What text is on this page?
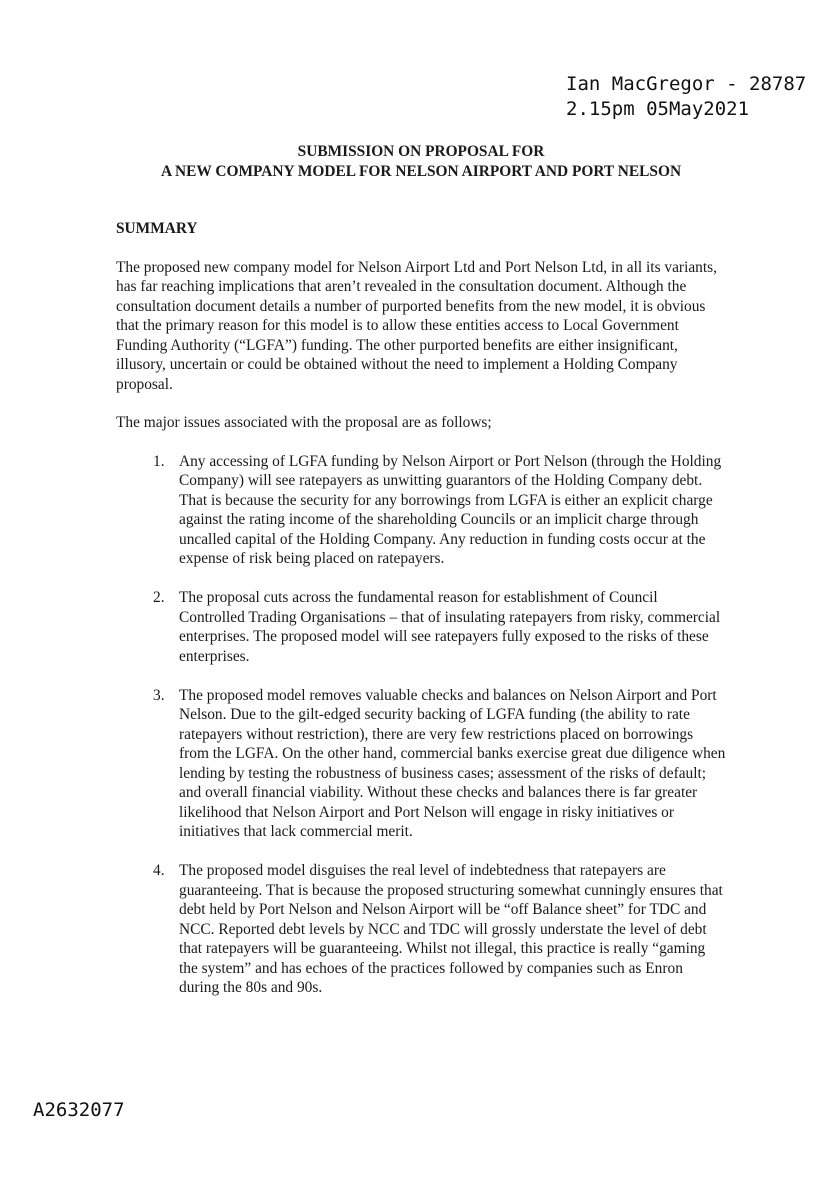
Ian MacGregor - 28787
2.15pm 05May2021
SUBMISSION ON PROPOSAL FOR
A NEW COMPANY MODEL FOR NELSON AIRPORT AND PORT NELSON
SUMMARY
The proposed new company model for Nelson Airport Ltd and Port Nelson Ltd, in all its variants, has far reaching implications that aren’t revealed in the consultation document. Although the consultation document details a number of purported benefits from the new model, it is obvious that the primary reason for this model is to allow these entities access to Local Government Funding Authority (“LGFA”) funding. The other purported benefits are either insignificant, illusory, uncertain or could be obtained without the need to implement a Holding Company proposal.
The major issues associated with the proposal are as follows;
1. Any accessing of LGFA funding by Nelson Airport or Port Nelson (through the Holding Company) will see ratepayers as unwitting guarantors of the Holding Company debt. That is because the security for any borrowings from LGFA is either an explicit charge against the rating income of the shareholding Councils or an implicit charge through uncalled capital of the Holding Company. Any reduction in funding costs occur at the expense of risk being placed on ratepayers.
2. The proposal cuts across the fundamental reason for establishment of Council Controlled Trading Organisations – that of insulating ratepayers from risky, commercial enterprises. The proposed model will see ratepayers fully exposed to the risks of these enterprises.
3. The proposed model removes valuable checks and balances on Nelson Airport and Port Nelson. Due to the gilt-edged security backing of LGFA funding (the ability to rate ratepayers without restriction), there are very few restrictions placed on borrowings from the LGFA. On the other hand, commercial banks exercise great due diligence when lending by testing the robustness of business cases; assessment of the risks of default; and overall financial viability. Without these checks and balances there is far greater likelihood that Nelson Airport and Port Nelson will engage in risky initiatives or initiatives that lack commercial merit.
4. The proposed model disguises the real level of indebtedness that ratepayers are guaranteeing. That is because the proposed structuring somewhat cunningly ensures that debt held by Port Nelson and Nelson Airport will be “off Balance sheet” for TDC and NCC. Reported debt levels by NCC and TDC will grossly understate the level of debt that ratepayers will be guaranteeing. Whilst not illegal, this practice is really “gaming the system” and has echoes of the practices followed by companies such as Enron during the 80s and 90s.
A2632077
